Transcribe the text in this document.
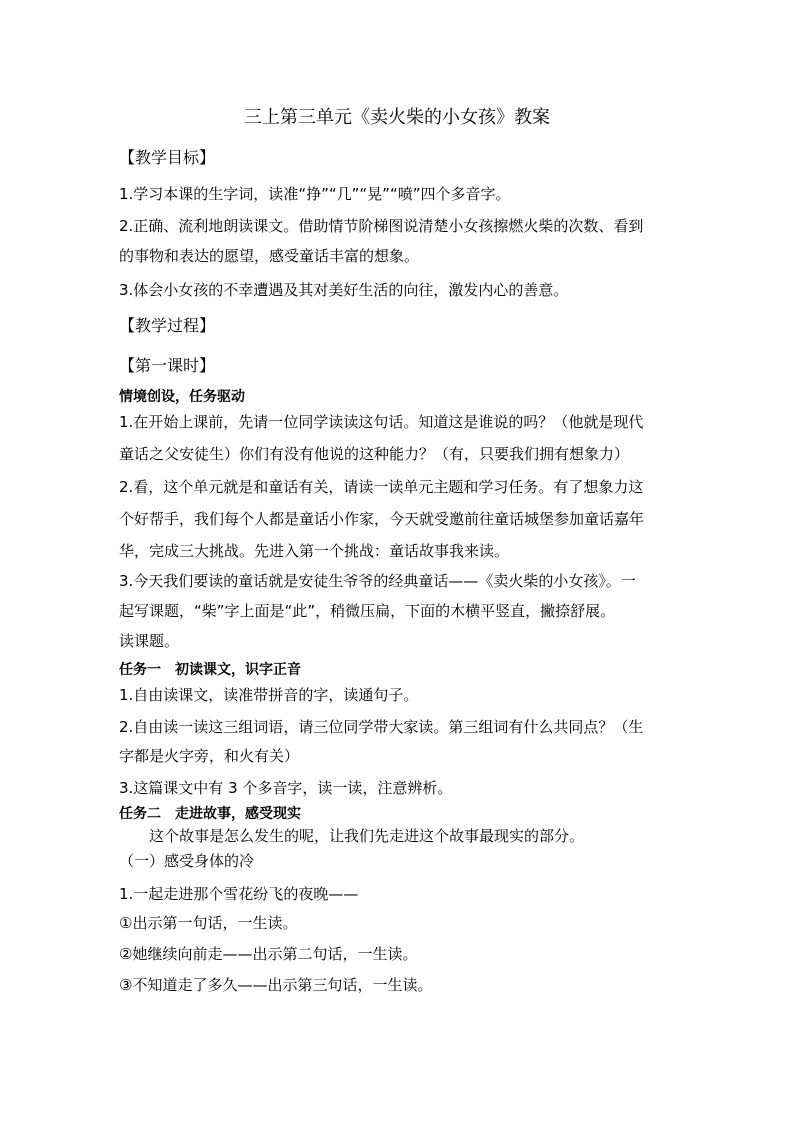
三上第三单元《卖火柴的小女孩》教案
【教学目标】
1.学习本课的生字词，读准“挣”“几”“晃”“喷”四个多音字。
2.正确、流利地朗读课文。借助情节阶梯图说清楚小女孩擦燃火柴的次数、看到
的事物和表达的愿望，感受童话丰富的想象。
3.体会小女孩的不幸遭遇及其对美好生活的向往，激发内心的善意。
【教学过程】
【第一课时】
情境创设，任务驱动
1.在开始上课前，先请一位同学读读这句话。知道这是谁说的吗？（他就是现代
童话之父安徒生）你们有没有他说的这种能力？（有，只要我们拥有想象力）
2.看，这个单元就是和童话有关，请读一读单元主题和学习任务。有了想象力这
个好帮手，我们每个人都是童话小作家，今天就受邀前往童话城堡参加童话嘉年
华，完成三大挑战。先进入第一个挑战：童话故事我来读。
3.今天我们要读的童话就是安徒生爷爷的经典童话——《卖火柴的小女孩》。一
起写课题，“柴”字上面是“此”，稍微压扁，下面的木横平竖直，撇捺舒展。
读课题。
任务一　初读课文，识字正音
1.自由读课文，读准带拼音的字，读通句子。
2.自由读一读这三组词语，请三位同学带大家读。第三组词有什么共同点？（生
字都是火字旁，和火有关）
3.这篇课文中有 3 个多音字，读一读，注意辨析。
任务二　走进故事，感受现实
这个故事是怎么发生的呢，让我们先走进这个故事最现实的部分。
（一）感受身体的冷
1.一起走进那个雪花纷飞的夜晚——
①出示第一句话，一生读。
②她继续向前走——出示第二句话，一生读。
③不知道走了多久——出示第三句话，一生读。
